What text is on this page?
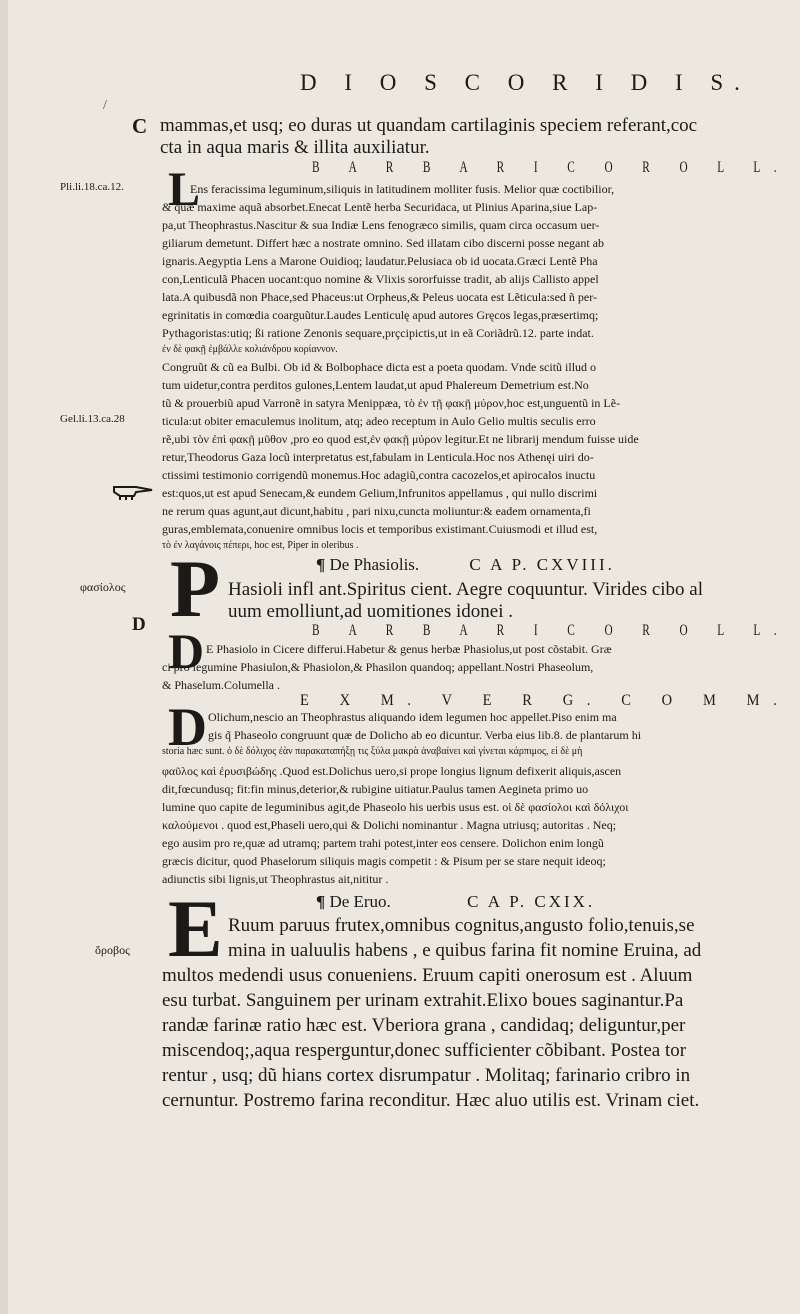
D I O S C O R I D I S.
/
C
Pli.li.18.ca.12.
Gel.li.13.ca.28
φασίολος
D
ὄροβος
mammas,et usq; eo duras ut quandam cartilaginis speciem referant,coc
cta in aqua maris & illita auxiliatur.
B A R B A R I C O R O L L.
L
Ens feracissima leguminum,siliquis in latitudinem molliter fusis. Melior quæ coctibilior,
& quæ maxime aquã absorbet.Enecat Lentẽ herba Securidaca, ut Plinius Aparina,siue Lap-
pa,ut Theophrastus.Nascitur & sua Indiæ Lens fenogræco similis, quam circa occasum uer-
giliarum demetunt. Differt hæc a nostrate omnino. Sed illatam cibo discerni posse negant ab
ignaris.Aegyptia Lens a Marone Ouidioq; laudatur.Pelusiaca ob id uocata.Græci Lentẽ Pha
con,Lenticulã Phacen uocant:quo nomine & Vlixis sororfuisse tradit, ab alijs Callisto appel
lata.A quibusdã non Phace,sed Phaceus:ut Orpheus,& Peleus uocata est Lẽticula:sed ñ per-
egrinitatis in comœdia coarguũtur.Laudes Lenticulę apud autores Gręcos legas,præsertimq;
Pythagoristas:utiq; ßi ratione Zenonis sequare,prçcipictis,ut in eã Coriãdrũ.12. parte indat.
ἐν δὲ φακῇ ἐμβάλλε κολιάνδρου κορίαννον.
Congruũt & cũ ea Bulbi. Ob id & Bolbophace dicta est a poeta quodam. Vnde scitũ illud o
tum uidetur,contra perditos gulones,Lentem laudat,ut apud Phalereum Demetrium est.No
tũ & prouerbiũ apud Varronẽ in satyra Menippæa, τὸ ἐν τῇ φακῇ μύρον,hoc est,unguentũ in Lẽ-
ticula:ut obiter emaculemus inolitum, atq; adeo receptum in Aulo Gelio multis seculis erro
rẽ,ubi τὸν ἐπὶ φακῇ μῦθον ,pro eo quod est,ἐν φακῇ μύρον legitur.Et ne librarij mendum fuisse uide
retur,Theodorus Gaza locũ interpretatus est,fabulam in Lenticula.Hoc nos Athenęi uiri do-
ctissimi testimonio corrigendũ monemus.Hoc adagiũ,contra cacozelos,et apirocalos inuctu
est:quos,ut est apud Senecam,& eundem Gelium,Infrunitos appellamus , qui nullo discrimi
ne rerum quas agunt,aut dicunt,habitu , pari nixu,cuncta moliuntur:& eadem ornamenta,fi
guras,emblemata,conuenire omnibus locis et temporibus existimant.Cuiusmodi et illud est,
τὸ ἐν λαγάνοις πέπερι, hoc est, Piper in oleribus .
¶ De Phasiolis.	C A P. CXVIII.
P Hasioli infl ant.Spiritus cient. Aegre coquuntur. Virides cibo al
uum emolliunt,ad uomitiones idonei .
B A R B A R I C O R O L L.
D E Phasiolo in Cicere differui.Habetur & genus herbæ Phasiolus,ut post cõstabit. Græ
ci pro legumine Phasiulon,& Phasiolon,& Phasilon quandoq; appellant.Nostri Phaseolum,
& Phaselum.Columella .
E X M. V E R G. C O M M.
D Olichum,nescio an Theophrastus aliquando idem legumen hoc appellet.Piso enim ma
gis q̃ Phaseolo congruunt quæ de Dolicho ab eo dicuntur. Verba eius lib.8. de plantarum hi
storia hæc sunt. ὁ δὲ δόλιχος ἐὰν παρακαταπήξῃ τις ξύλα μακρὰ ἀναβαίνει καὶ γίνεται κάρπιμος, εἰ δὲ μὴ
φαῦλος καὶ ἐρυσιβώδης .Quod est.Dolichus uero,si prope longius lignum defixerit aliquis,ascen
dit,fœcundusq; fit:fin minus,deterior,& rubigine uitiatur.Paulus tamen Aegineta primo uo
lumine quo capite de leguminibus agit,de Phaseolo his uerbis usus est. οἱ δὲ φασίολοι καὶ δόλιχοι
καλούμενοι . quod est,Phaseli uero,qui & Dolichi nominantur . Magna utriusq; autoritas . Neq;
ego ausim pro re,quæ ad utramq; partem trahi potest,inter eos censere. Dolichon enim longũ
græcis dicitur, quod Phaselorum siliquis magis competit : & Pisum per se stare nequit ideoq;
adiunctis sibi lignis,ut Theophrastus ait,nititur .
¶ De Eruo.	C A P. CXIX.
E Ruum paruus frutex,omnibus cognitus,angusto folio,tenuis,se
mina in ualuulis habens , e quibus farina fit nomine Eruina, ad
multos medendi usus conueniens. Eruum capiti onerosum est . Aluum
esu turbat. Sanguinem per urinam extrahit.Elixo boues saginantur.Pa
randæ farinæ ratio hæc est. Vberiora grana , candidaq; deliguntur,per
miscendoq;,aqua resperguntur,donec sufficienter cõbibant. Postea tor
rentur , usq; dũ hians cortex disrumpatur . Molitaq; farinario cribro in
cernuntur. Postremo farina reconditur. Hæc aluo utilis est. Vrinam ciet.
